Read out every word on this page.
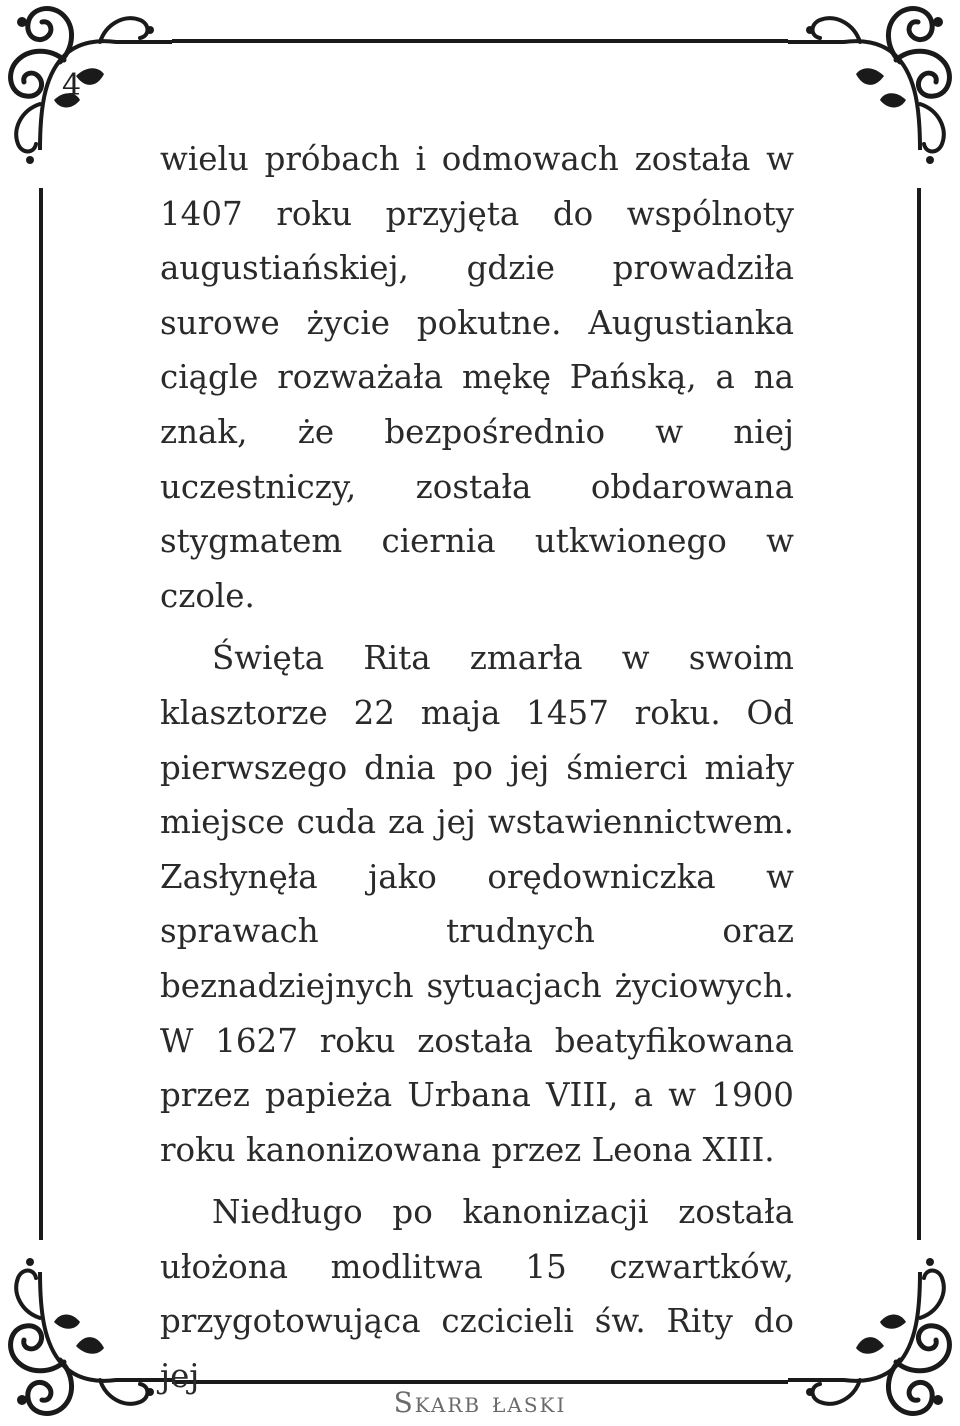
4

wielu próbach i odmowach została w 1407 roku przyjęta do wspólnoty augustiańskiej, gdzie prowadziła surowe życie pokutne. Augustianka ciągle rozważała mękę Pańską, a na znak, że bezpośrednio w niej uczestniczy, została obdarowana stygmatem ciernia utkwionego w czole.

Święta Rita zmarła w swoim klasztorze 22 maja 1457 roku. Od pierwszego dnia po jej śmierci miały miejsce cuda za jej wstawiennictwem. Zasłynęła jako orędowniczka w sprawach trudnych oraz beznadziejnych sytuacjach życiowych. W 1627 roku została beatyfikowana przez papieża Urbana VIII, a w 1900 roku kanonizowana przez Leona XIII.

Niedługo po kanonizacji została ułożona modlitwa 15 czwartków, przygotowująca czcicieli św. Rity do jej

Skarb łaski
